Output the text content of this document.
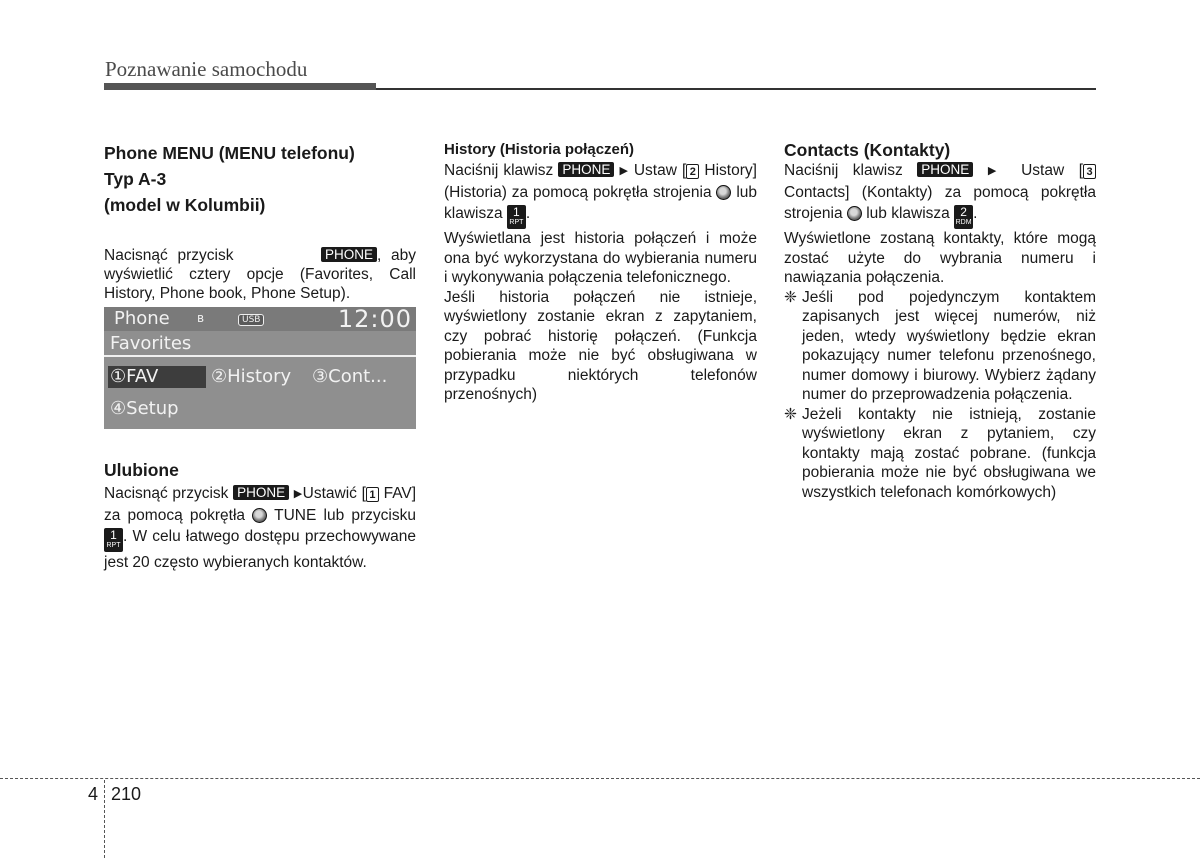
Poznawanie samochodu
Phone MENU (MENU telefonu)
Typ A-3
(model w Kolumbii)

Nacisnąć przycisk	PHONE , aby wyświetlić cztery opcje (Favorites, Call History, Phone book, Phone Setup).

Phone ʙ	USB	12:00
Favorites
①FAV	②History ③Cont...
④Setup
Ulubione

Nacisnąć przycisk PHONE ▶Ustawić [ 1 FAV] za pomocą pokrętła TUNE lub przycisku 1
RPT
. W celu łatwego dostępu przechowywane jest 20 często wybieranych kontaktów.

History (Historia połączeń)

Naciśnij klawisz PHONE ▶ Ustaw [ 2 History] (Historia) za pomocą pokrętła strojenia lub klawisza 1
RPT
.

Wyświetlana jest historia połączeń i może ona być wykorzystana do wybierania numeru i wykonywania połączenia telefonicznego.

Jeśli historia połączeń nie istnieje, wyświetlony zostanie ekran z zapytaniem, czy pobrać historię połączeń. (Funkcja pobierania może nie być obsługiwana w przypadku niektórych telefonów przenośnych)

Contacts (Kontakty)

Naciśnij klawisz PHONE ▶ Ustaw [ 3 Contacts] (Kontakty) za pomocą pokrętła strojenia lub klawisza 2
RDM
.

Wyświetlone zostaną kontakty, które mogą zostać użyte do wybrania numeru i nawiązania połączenia.

❈ Jeśli pod pojedynczym kontaktem zapisanych jest więcej numerów, niż jeden, wtedy wyświetlony będzie ekran pokazujący numer telefonu przenośnego, numer domowy i biurowy. Wybierz żądany numer do przeprowadzenia połączenia.
❈ Jeżeli kontakty nie istnieją, zostanie wyświetlony ekran z pytaniem, czy kontakty mają zostać pobrane. (funkcja pobierania może nie być obsługiwana we wszystkich telefonach komórkowych)
4 210
